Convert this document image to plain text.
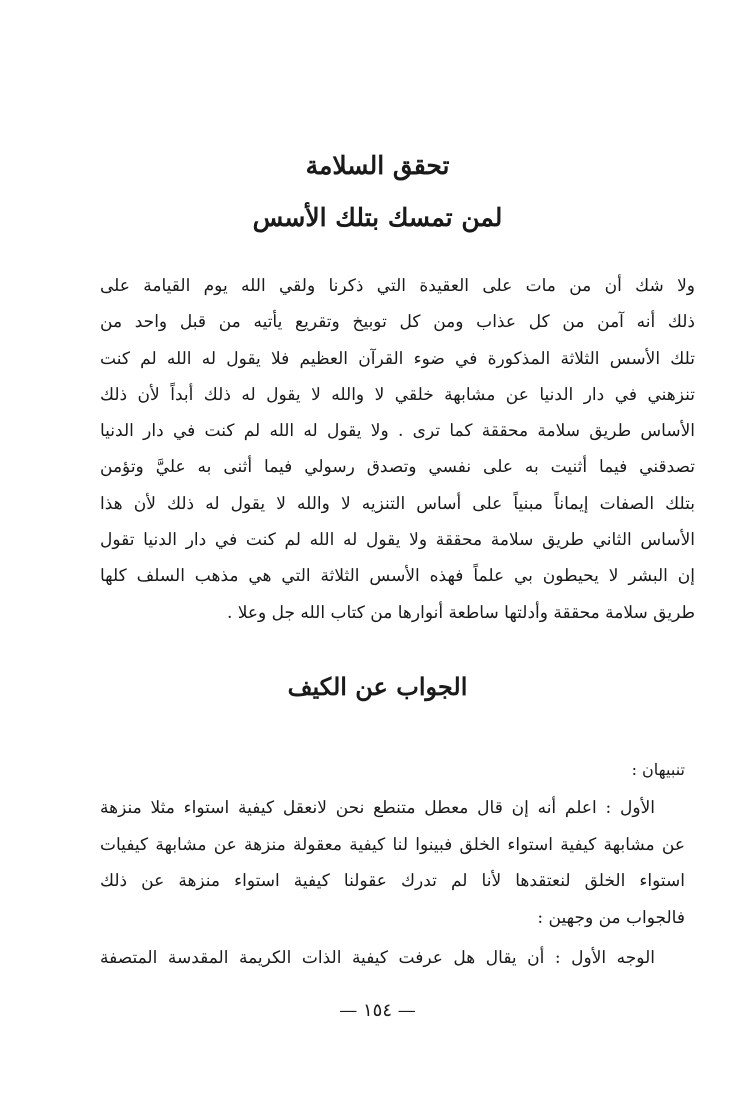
تحقق السلامة

لمن تمسك بتلك الأسس

ولا شك أن من مات على العقيدة التي ذكرنا ولقي الله يوم القيامة على
ذلك أنه آمن من كل عذاب ومن كل توبيخ وتقريع يأتيه من قبل واحد من
تلك الأسس الثلاثة المذكورة في ضوء القرآن العظيم فلا يقول له الله لم كنت
تنزهني في دار الدنيا عن مشابهة خلقي لا والله لا يقول له ذلك أبداً لأن ذلك
الأساس طريق سلامة محققة كما ترى . ولا يقول له الله لم كنت في دار الدنيا
تصدقني فيما أثنيت به على نفسي وتصدق رسولي فيما أثنى به عليَّ وتؤمن
بتلك الصفات إيماناً مبنياً على أساس التنزيه لا والله لا يقول له ذلك لأن هذا
الأساس الثاني طريق سلامة محققة ولا يقول له الله لم كنت في دار الدنيا تقول
إن البشر لا يحيطون بي علماً فهذه الأسس الثلاثة التي هي مذهب السلف كلها
طريق سلامة محققة وأدلتها ساطعة أنوارها من كتاب الله جل وعلا .

الجواب عن الكيف

تنبيهان :

الأول : اعلم أنه إن قال معطل متنطع نحن لانعقل كيفية استواء مثلا منزهة
عن مشابهة كيفية استواء الخلق فبينوا لنا كيفية معقولة منزهة عن مشابهة كيفيات
استواء الخلق لنعتقدها لأنا لم تدرك عقولنا كيفية استواء منزهة عن ذلك
فالجواب من وجهين :

الوجه الأول : أن يقال هل عرفت كيفية الذات الكريمة المقدسة المتصفة

— ١٥٤ —
